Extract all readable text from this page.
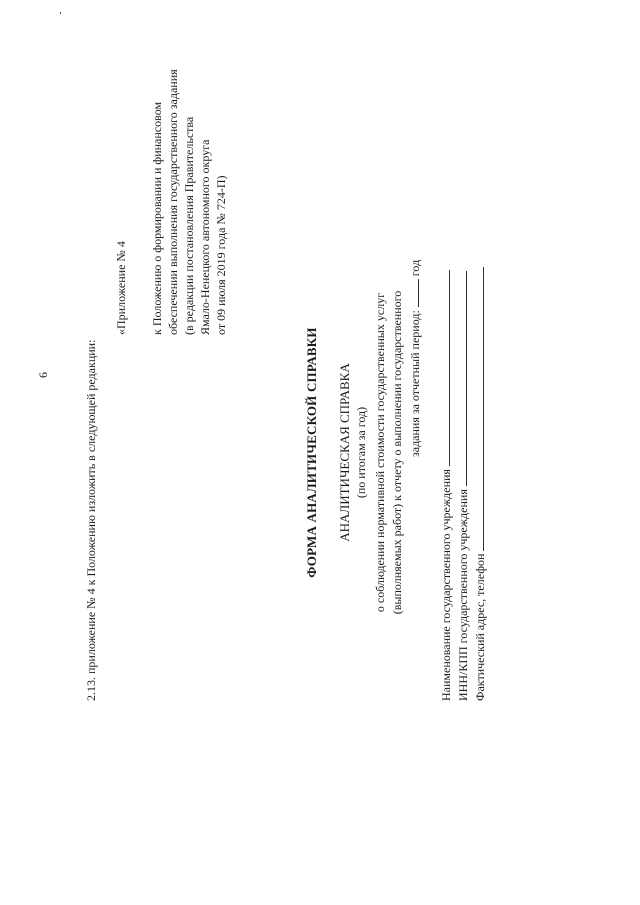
6	2.13. приложение № 4 к Положению изложить в следующей редакции:
«Приложение № 4 к Положению о формировании и финансовом обеспечении выполнения государственного задания (в редакции постановления Правительства Ямало-Ненецкого автономного округа от 09 июля 2019 года № 724-П)
ФОРМА АНАЛИТИЧЕСКОЙ СПРАВКИ АНАЛИТИЧЕСКАЯ СПРАВКА (по итогам за год) о соблюдении нормативной стоимости государственных услуг (выполняемых работ) к отчету о выполнении государственного задания за отчетный период:  год
Наименование государственного учреждения ИНН/КПП государственного учреждения Фактический адрес, телефон
